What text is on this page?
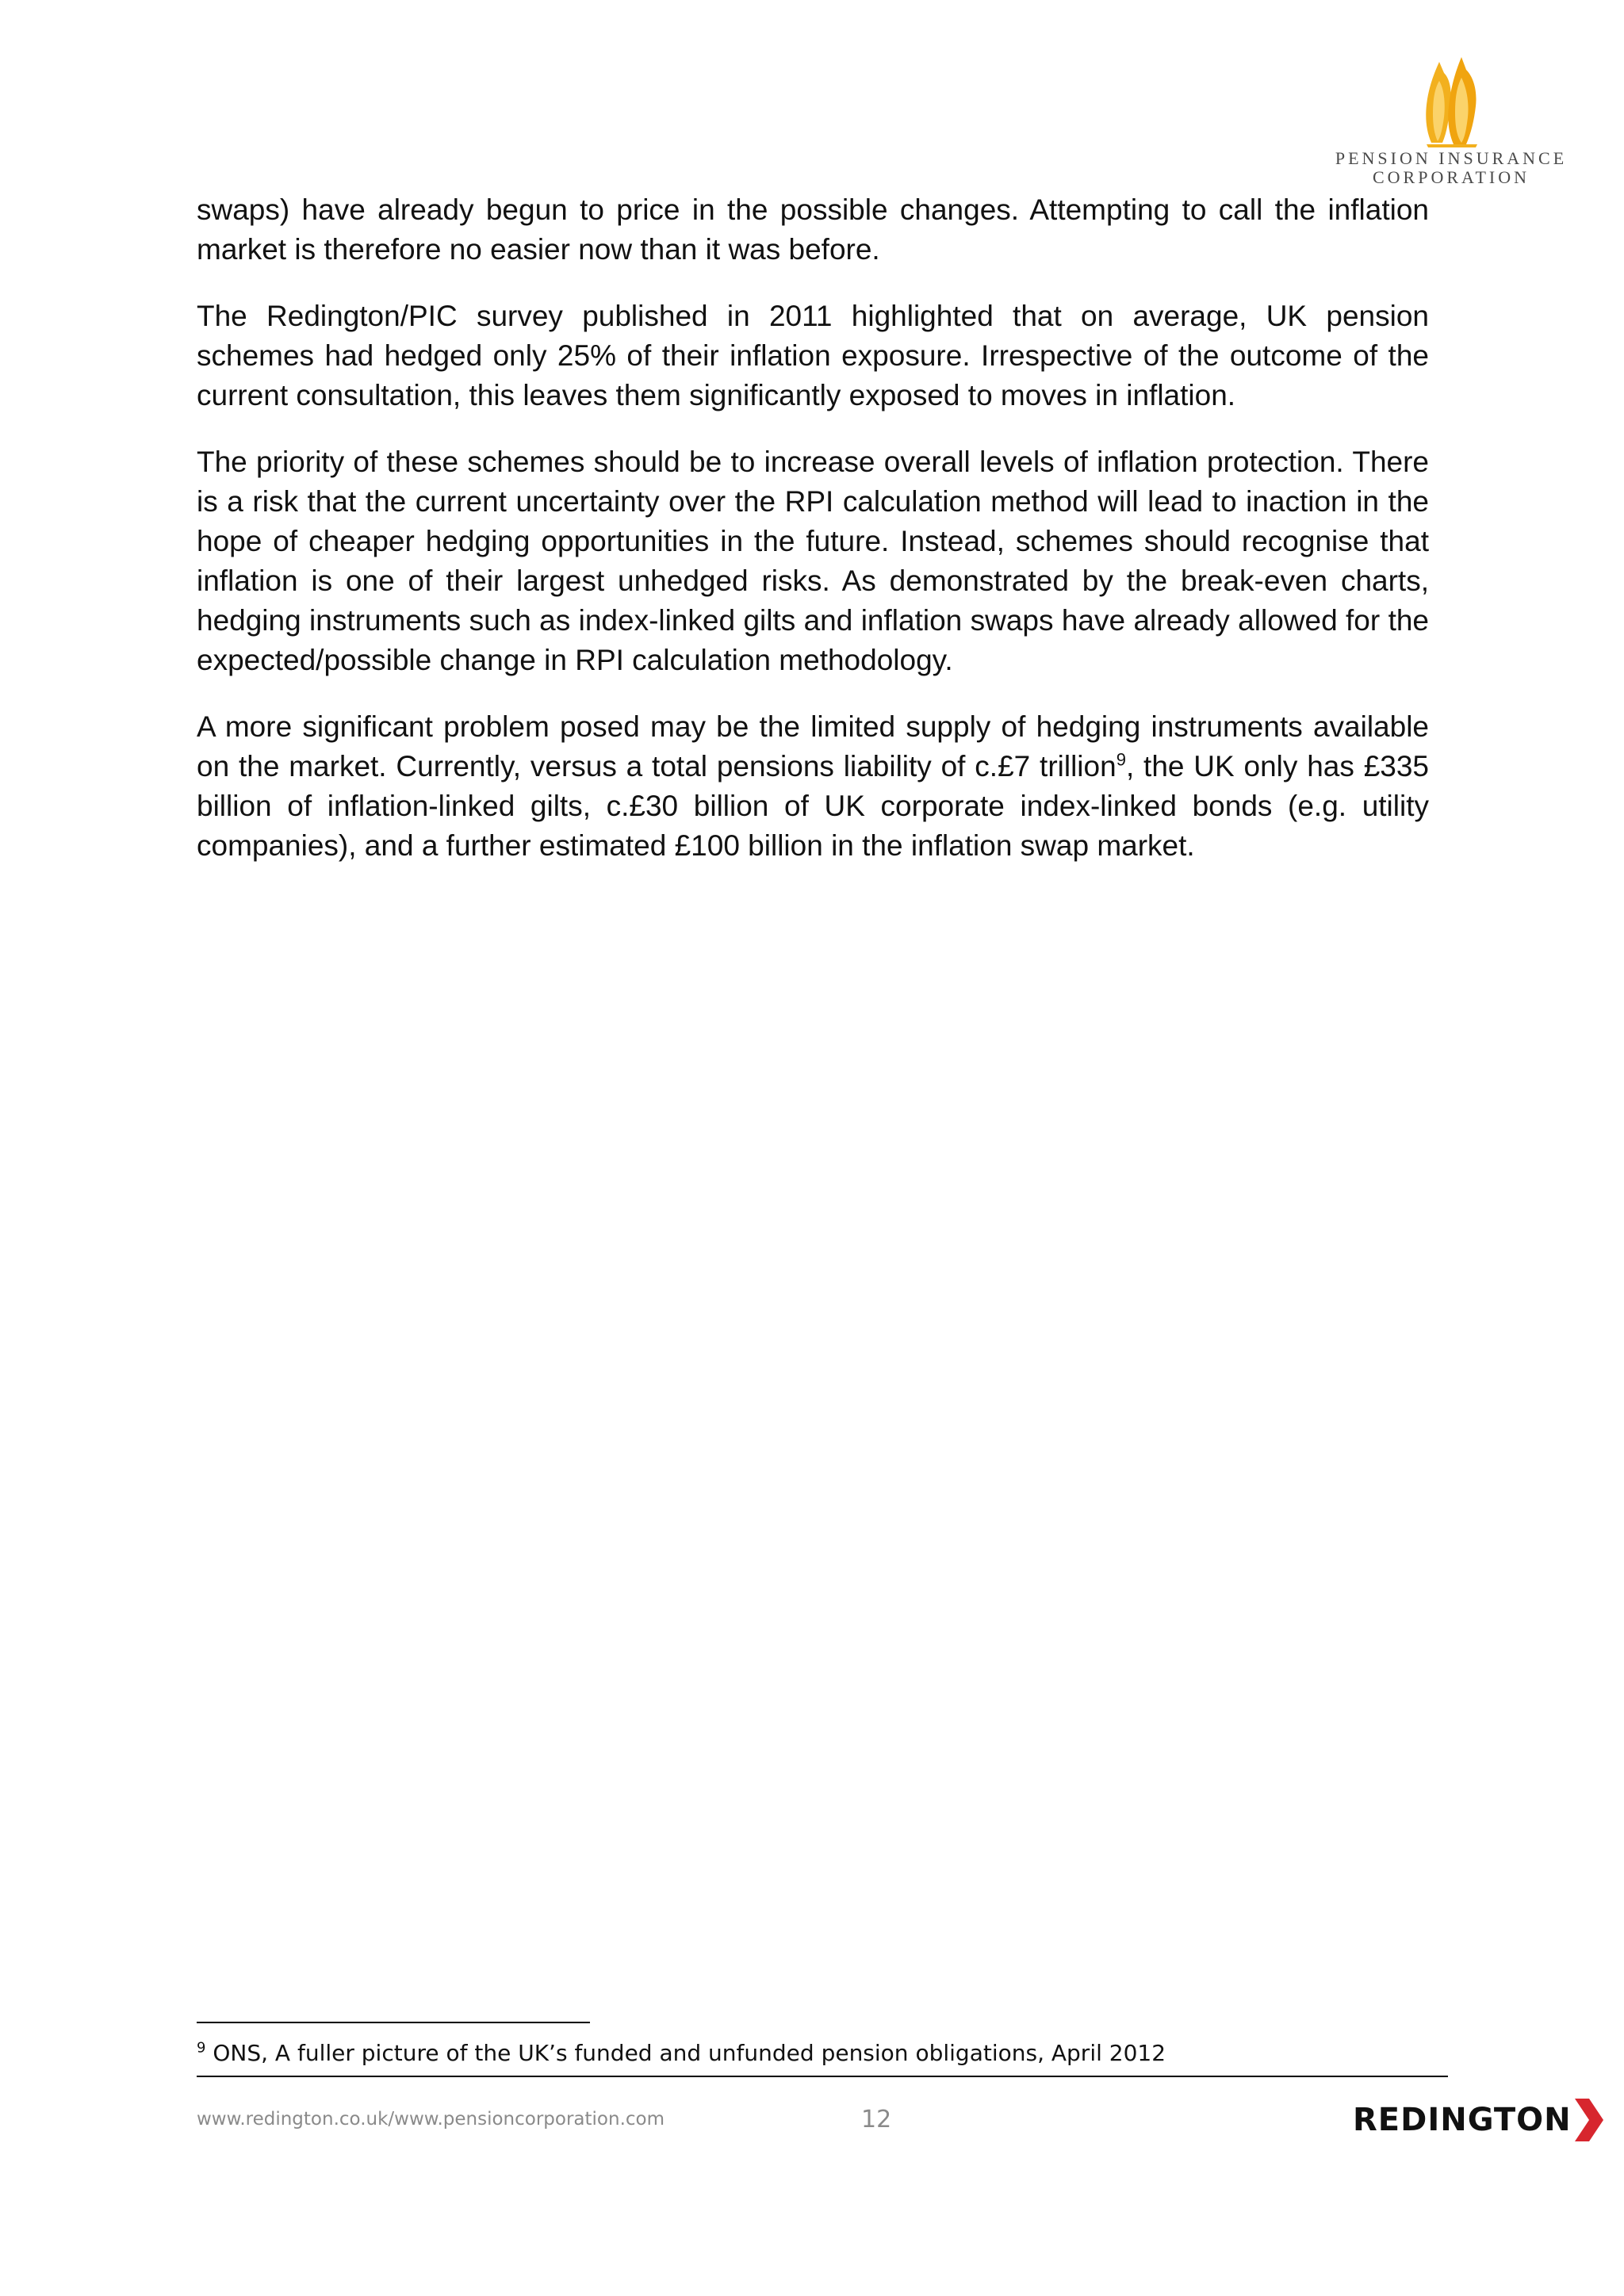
PENSION INSURANCE
CORPORATION

swaps) have already begun to price in the possible changes. Attempting to call the inflation market is therefore no easier now than it was before.

The Redington/PIC survey published in 2011 highlighted that on average, UK pension schemes had hedged only 25% of their inflation exposure. Irrespective of the outcome of the current consultation, this leaves them significantly exposed to moves in inflation.

The priority of these schemes should be to increase overall levels of inflation protection. There is a risk that the current uncertainty over the RPI calculation method will lead to inaction in the hope of cheaper hedging opportunities in the future. Instead, schemes should recognise that inflation is one of their largest unhedged risks. As demonstrated by the break-even charts, hedging instruments such as index-linked gilts and inflation swaps have already allowed for the expected/possible change in RPI calculation methodology.

A more significant problem posed may be the limited supply of hedging instruments available on the market. Currently, versus a total pensions liability of c.£7 trillion$^9$, the UK only has £335 billion of inflation-linked gilts, c.£30 billion of UK corporate index-linked bonds (e.g. utility companies), and a further estimated £100 billion in the inflation swap market.

$^9$ ONS, A fuller picture of the UK’s funded and unfunded pension obligations, April 2012
www.redington.co.uk/www.pensioncorporation.com	12	REDINGTON
